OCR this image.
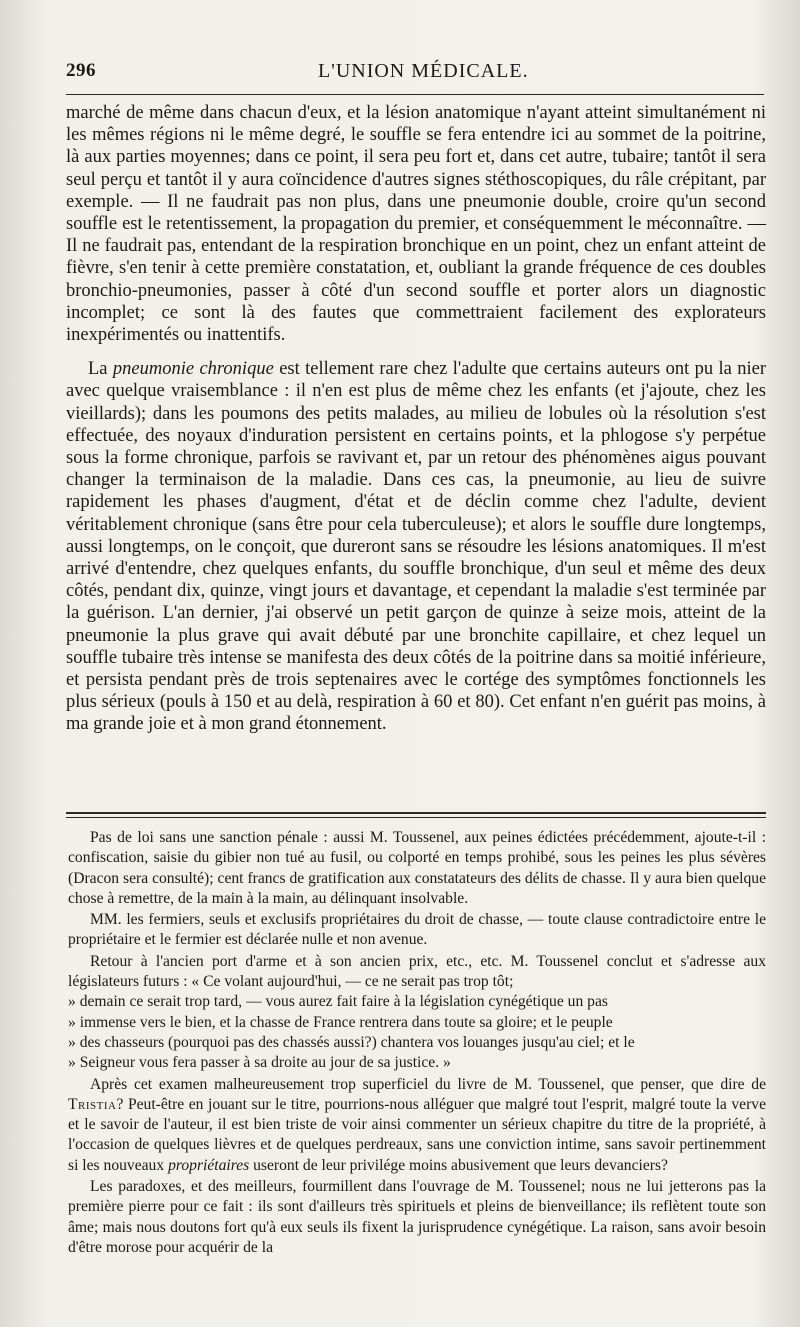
296	L'UNION MÉDICALE.

marché de même dans chacun d'eux, et la lésion anatomique n'ayant atteint simultanément ni les mêmes régions ni le même degré, le souffle se fera entendre ici au sommet de la poitrine, là aux parties moyennes; dans ce point, il sera peu fort et, dans cet autre, tubaire; tantôt il sera seul perçu et tantôt il y aura coïncidence d'autres signes stéthoscopiques, du râle crépitant, par exemple. — Il ne faudrait pas non plus, dans une pneumonie double, croire qu'un second souffle est le retentissement, la propagation du premier, et conséquemment le méconnaître. — Il ne faudrait pas, entendant de la respiration bronchique en un point, chez un enfant atteint de fièvre, s'en tenir à cette première constatation, et, oubliant la grande fréquence de ces doubles bronchio-pneumonies, passer à côté d'un second souffle et porter alors un diagnostic incomplet; ce sont là des fautes que commettraient facilement des explorateurs inexpérimentés ou inattentifs.

La pneumonie chronique est tellement rare chez l'adulte que certains auteurs ont pu la nier avec quelque vraisemblance : il n'en est plus de même chez les enfants (et j'ajoute, chez les vieillards); dans les poumons des petits malades, au milieu de lobules où la résolution s'est effectuée, des noyaux d'induration persistent en certains points, et la phlogose s'y perpétue sous la forme chronique, parfois se ravivant et, par un retour des phénomènes aigus pouvant changer la terminaison de la maladie. Dans ces cas, la pneumonie, au lieu de suivre rapidement les phases d'augment, d'état et de déclin comme chez l'adulte, devient véritablement chronique (sans être pour cela tuberculeuse); et alors le souffle dure longtemps, aussi longtemps, on le conçoit, que dureront sans se résoudre les lésions anatomiques. Il m'est arrivé d'entendre, chez quelques enfants, du souffle bronchique, d'un seul et même des deux côtés, pendant dix, quinze, vingt jours et davantage, et cependant la maladie s'est terminée par la guérison. L'an dernier, j'ai observé un petit garçon de quinze à seize mois, atteint de la pneumonie la plus grave qui avait débuté par une bronchite capillaire, et chez lequel un souffle tubaire très intense se manifesta des deux côtés de la poitrine dans sa moitié inférieure, et persista pendant près de trois septenaires avec le cortége des symptômes fonctionnels les plus sérieux (pouls à 150 et au delà, respiration à 60 et 80). Cet enfant n'en guérit pas moins, à ma grande joie et à mon grand étonnement.

Pas de loi sans une sanction pénale : aussi M. Toussenel, aux peines édictées précédemment, ajoute-t-il : confiscation, saisie du gibier non tué au fusil, ou colporté en temps prohibé, sous les peines les plus sévères (Dracon sera consulté); cent francs de gratification aux constatateurs des délits de chasse. Il y aura bien quelque chose à remettre, de la main à la main, au délinquant insolvable.

MM. les fermiers, seuls et exclusifs propriétaires du droit de chasse, — toute clause contradictoire entre le propriétaire et le fermier est déclarée nulle et non avenue.

Retour à l'ancien port d'arme et à son ancien prix, etc., etc. M. Toussenel conclut et s'adresse aux législateurs futurs : « Ce volant aujourd'hui, — ce ne serait pas trop tôt;
» demain ce serait trop tard, — vous aurez fait faire à la législation cynégétique un pas
» immense vers le bien, et la chasse de France rentrera dans toute sa gloire; et le peuple
» des chasseurs (pourquoi pas des chassés aussi?) chantera vos louanges jusqu'au ciel; et le
» Seigneur vous fera passer à sa droite au jour de sa justice. »

Après cet examen malheureusement trop superficiel du livre de M. Toussenel, que penser, que dire de Tristia? Peut-être en jouant sur le titre, pourrions-nous alléguer que malgré tout l'esprit, malgré toute la verve et le savoir de l'auteur, il est bien triste de voir ainsi commenter un sérieux chapitre du titre de la propriété, à l'occasion de quelques lièvres et de quelques perdreaux, sans une conviction intime, sans savoir pertinemment si les nouveaux propriétaires useront de leur privilége moins abusivement que leurs devanciers?

Les paradoxes, et des meilleurs, fourmillent dans l'ouvrage de M. Toussenel; nous ne lui jetterons pas la première pierre pour ce fait : ils sont d'ailleurs très spirituels et pleins de bienveillance; ils reflètent toute son âme; mais nous doutons fort qu'à eux seuls ils fixent la jurisprudence cynégétique. La raison, sans avoir besoin d'être morose pour acquérir de la
